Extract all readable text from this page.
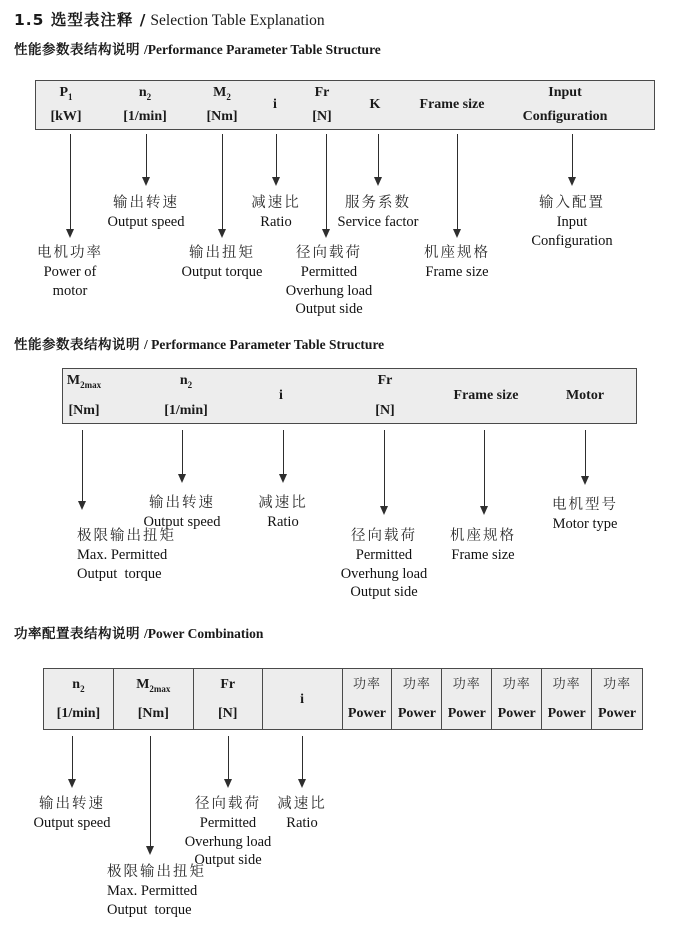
1.5 选型表注释 / Selection Table Explanation
性能参数表结构说明 /Performance Parameter Table Structure
$P_1$
[kW]
$n_2$
[1/min]
$M_2$
[Nm]
i
Fr
[N]
K	Frame size
Input
Configuration
输出转速
Output speed
减速比
Ratio
服务系数
Service factor
输入配置
Input
Configuration
电机功率
Power of
motor
输出扭矩
Output torque
径向载荷
Permitted
Overhung load
Output side
机座规格
Frame size
性能参数表结构说明 / Performance Parameter Table Structure
$M_{2max}$
[Nm]
$n_2$
[1/min]
i
Fr
[N]
Frame size	Motor
输出转速
Output speed
减速比
Ratio
极限输出扭矩
Max. Permitted
Output  torque
径向载荷
Permitted
Overhung load
Output side
机座规格
Frame size
电机型号
Motor type
功率配置表结构说明 /Power Combination
$n_2$
[1/min]
$M_{2max}$
[Nm]
Fr
[N]
i
功率
Power
功率
Power
功率
Power
功率
Power
功率
Power
功率
Power
输出转速
Output speed
径向载荷
Permitted
Overhung load
Output side
减速比
Ratio
极限输出扭矩
Max. Permitted
Output  torque
